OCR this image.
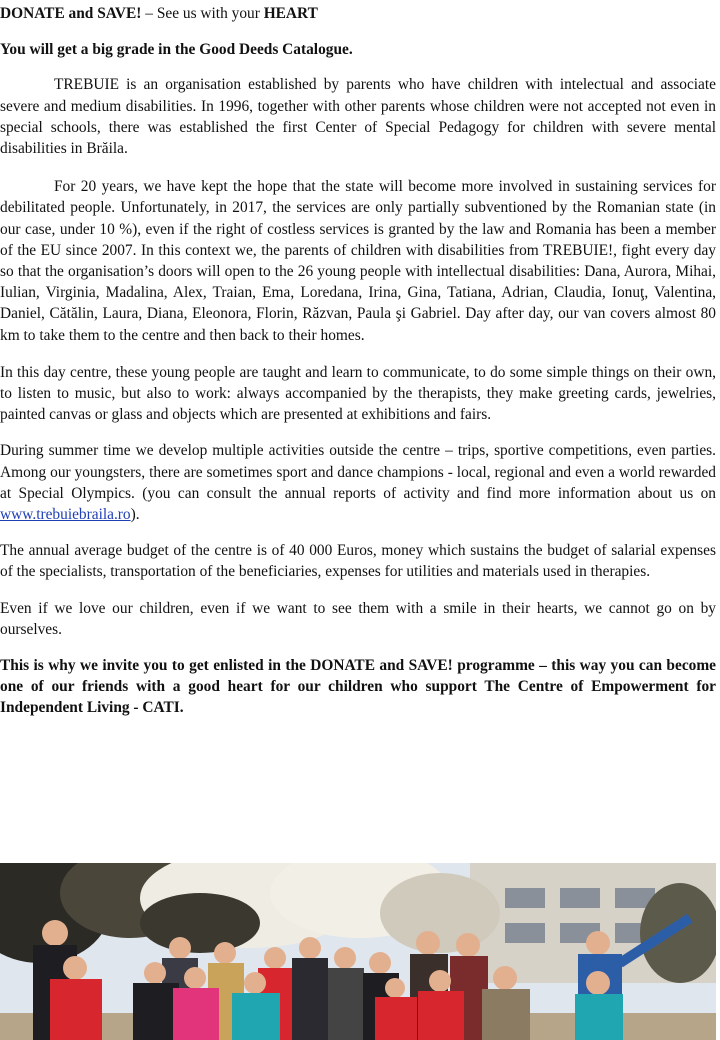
DONATE and SAVE! – See us with your HEART

You will get a big grade in the Good Deeds Catalogue.

TREBUIE is an organisation established by parents who have children with intelectual and associate severe and medium disabilities. In 1996, together with other parents whose children were not accepted not even in special schools, there was established the first Center of Special Pedagogy for children with severe mental disabilities in Brăila.

For 20 years, we have kept the hope that the state will become more involved in sustaining services for debilitated people. Unfortunately, in 2017, the services are only partially subventioned by the Romanian state (in our case, under 10 %), even if the right of costless services is granted by the law and Romania has been a member of the EU since 2007. In this context we, the parents of children with disabilities from TREBUIE!, fight every day so that the organisation’s doors will open to the 26 young people with intellectual disabilities: Dana, Aurora, Mihai, Iulian, Virginia, Madalina, Alex, Traian, Ema, Loredana, Irina, Gina, Tatiana, Adrian, Claudia, Ionuţ, Valentina, Daniel, Cătălin, Laura, Diana, Eleonora, Florin, Răzvan, Paula şi Gabriel. Day after day, our van covers almost 80 km to take them to the centre and then back to their homes.

In this day centre, these young people are taught and learn to communicate, to do some simple things on their own, to listen to music, but also to work: always accompanied by the therapists, they make greeting cards, jewelries, painted canvas or glass and objects which are presented at exhibitions and fairs.

During summer time we develop multiple activities outside the centre – trips, sportive competitions, even parties. Among our youngsters, there are sometimes sport and dance champions - local, regional and even a world rewarded at Special Olympics. (you can consult the annual reports of activity and find more information about us on www.trebuiebraila.ro).

The annual average budget of the centre is of 40 000 Euros, money which sustains the budget of salarial expenses of the specialists, transportation of the beneficiaries, expenses for utilities and materials used in therapies.

Even if we love our children, even if we want to see them with a smile in their hearts, we cannot go on by ourselves.

This is why we invite you to get enlisted in the DONATE and SAVE! programme – this way you can become one of our friends with a good heart for our children who support The Centre of Empowerment for Independent Living - CATI.
